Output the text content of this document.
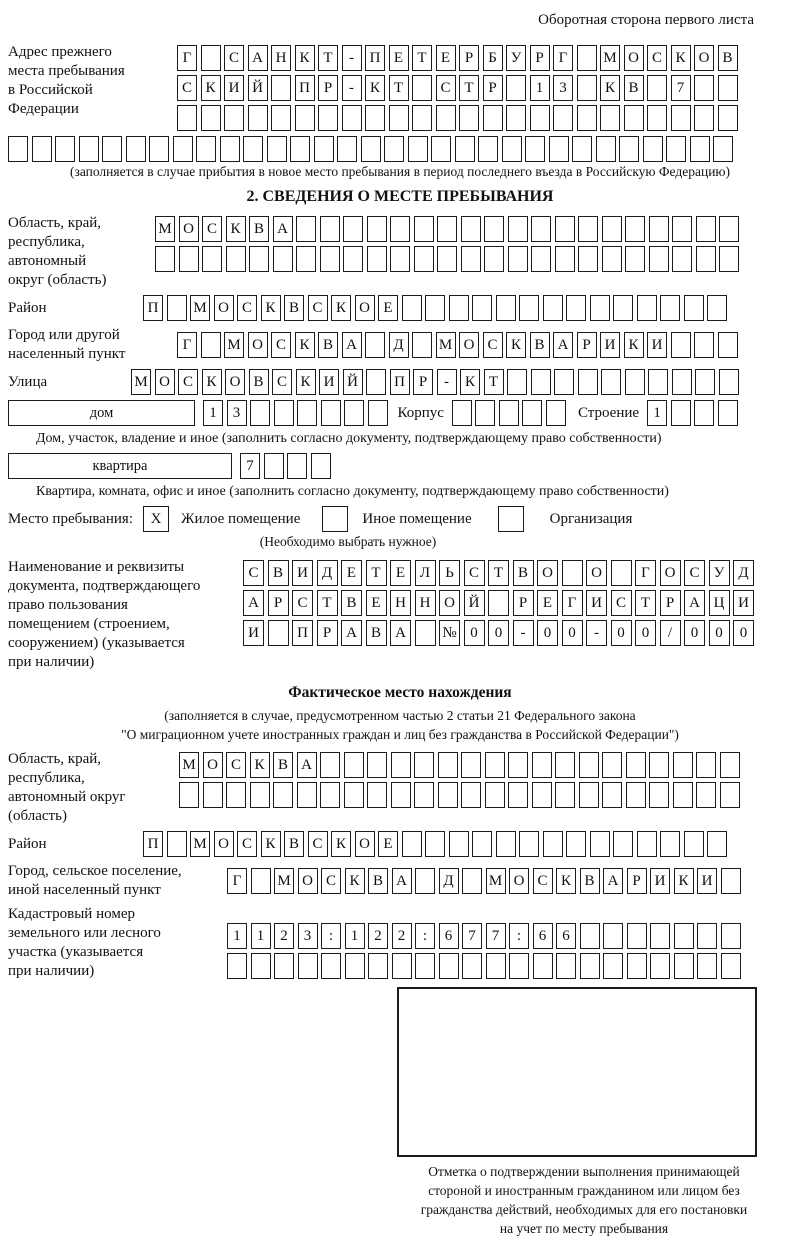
Оборотная сторона первого листа
Адрес прежнего
места пребывания
в Российской
Федерации
Г	С А Н К Т	-	П Е Т Е Р	Б У Р Г	М О С К О В
С К И Й	П Р	-	К Т	С Т Р	1	3	К В	7
(заполняется в случае прибытия в новое место пребывания в период последнего въезда в Российскую Федерацию)
2. СВЕДЕНИЯ О МЕСТЕ ПРЕБЫВАНИЯ
Область, край,
республика,
автономный
округ (область)
М О С К В А
Район	П	М О С К В С К О Е
Город или другой
населенный пункт
Г	М О С К В А	Д	М О С К В А Р И К И
Улица	М О С К О В С К И Й	П Р	-	К Т
дом	1	3	Корпус	Строение 1
Дом, участок, владение и иное (заполнить согласно документу, подтверждающему право собственности)
квартира	7
Квартира, комната, офис и иное (заполнить согласно документу, подтверждающему право собственности)
Место пребывания:	X	Жилое помещение	Иное помещение	Организация
(Необходимо выбрать нужное)
Наименование и реквизиты
документа, подтверждающего
право пользования
помещением (строением,
сооружением) (указывается
при наличии)
С В И Д Е	Т	Е Л	Ь	С Т В О	О	Г О С У Д
А Р	С Т В Е Н Н О Й	Р	Е	Г И С Т	Р А Ц И
И	П Р А В А	№ 0	0	-	0	0	-	0	0	/	0	0	0
Фактическое место нахождения
(заполняется в случае, предусмотренном частью 2 статьи 21 Федерального закона
"О миграционном учете иностранных граждан и лиц без гражданства в Российской Федерации")
Область, край,
республика,
автономный округ
(область)
М О С К В А
Район	П	М О С К В С К О Е
Город, сельское поселение,
иной населенный пункт
Г	М О С К В А	Д	М О С К В А Р И К И
Кадастровый номер
земельного или лесного
участка (указывается
при наличии)
1	1	2	3	:	1	2	2	:	6	7	7	:	6	6
Отметка о подтверждении выполнения принимающей
стороной и иностранным гражданином или лицом без
гражданства действий, необходимых для его постановки
на учет по месту пребывания
